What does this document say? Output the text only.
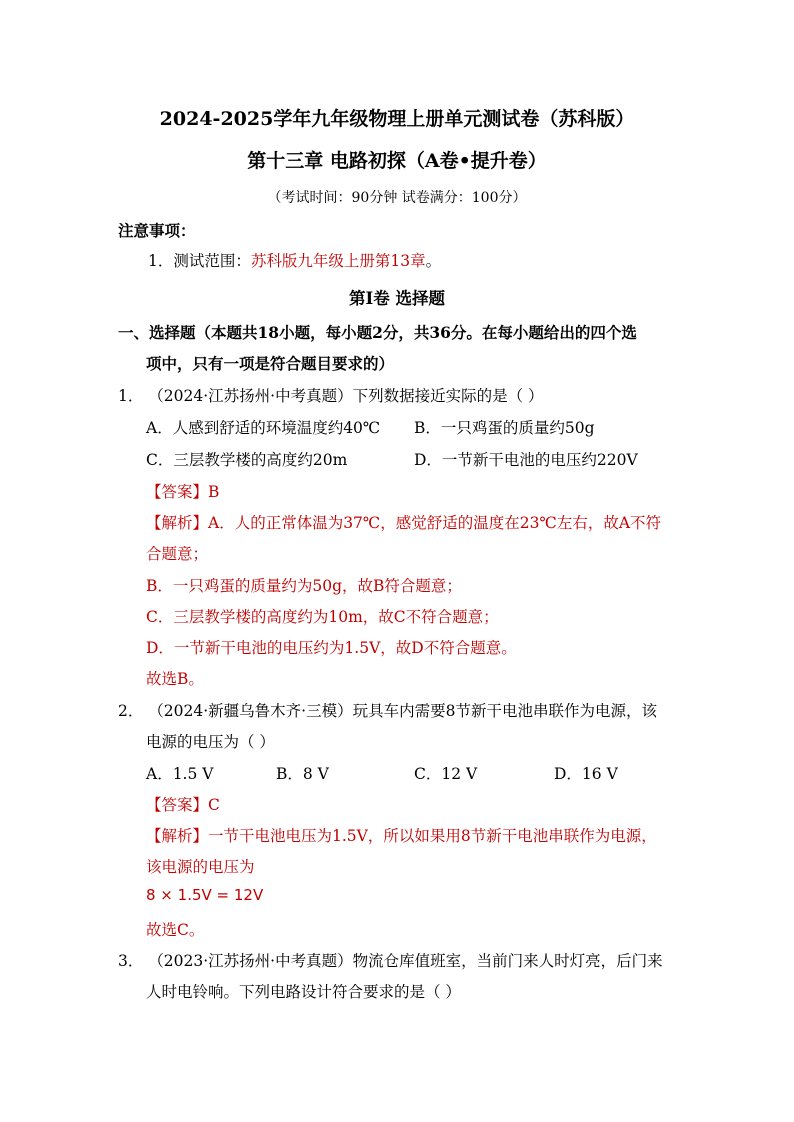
2024-2025学年九年级物理上册单元测试卷（苏科版）
第十三章 电路初探（A卷•提升卷）
（考试时间：90分钟 试卷满分：100分）
注意事项：
1．测试范围：苏科版九年级上册第13章。
第Ⅰ卷 选择题
一、选择题（本题共18小题，每小题2分，共36分。在每小题给出的四个选
项中，只有一项是符合题目要求的）
1． （2024·江苏扬州·中考真题）下列数据接近实际的是（ ）
A．人感到舒适的环境温度约40℃ B．一只鸡蛋的质量约50g
C．三层教学楼的高度约20m	D．一节新干电池的电压约220V
【答案】B
【解析】A．人的正常体温为37℃，感觉舒适的温度在23℃左右，故A不符
合题意；
B．一只鸡蛋的质量约为50g，故B符合题意；
C．三层教学楼的高度约为10m，故C不符合题意；
D．一节新干电池的电压约为1.5V，故D不符合题意。
故选B。
2． （2024·新疆乌鲁木齐·三模）玩具车内需要8节新干电池串联作为电源，该
电源的电压为（ ）
A．1.5 V	B．8 V	C．12 V	D．16 V
【答案】C
【解析】一节干电池电压为1.5V，所以如果用8节新干电池串联作为电源，
该电源的电压为
8 × 1.5V = 12V
故选C。
3． （2023·江苏扬州·中考真题）物流仓库值班室，当前门来人时灯亮，后门来
人时电铃响。下列电路设计符合要求的是（ ）
